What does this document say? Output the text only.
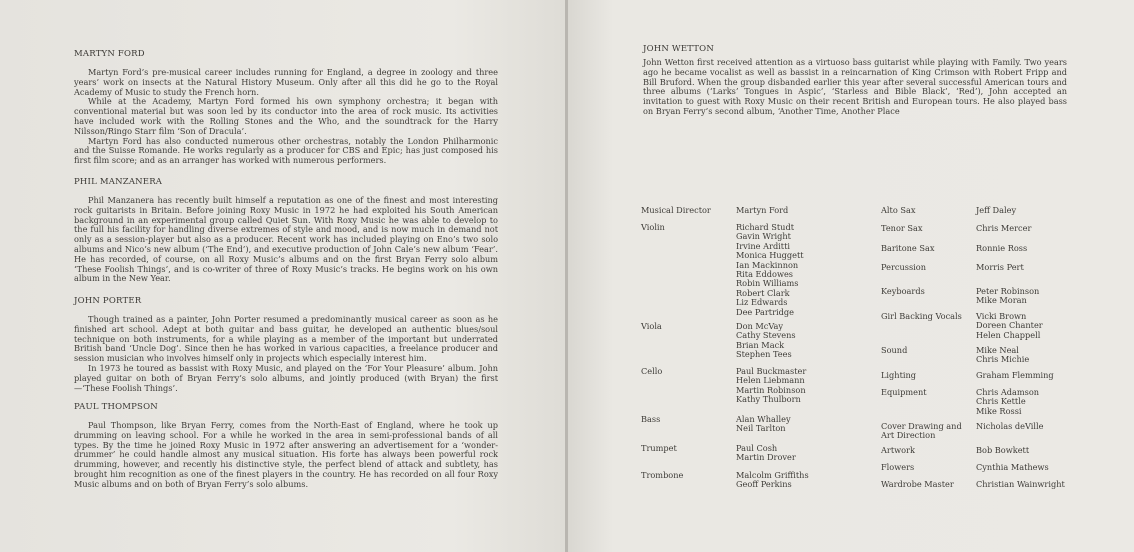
MARTYN FORD

Martyn Ford’s pre-musical career includes running for England, a degree in zoology and three years’ work on insects at the Natural History Museum. Only after all this did he go to the Royal Academy of Music to study the French horn.

While at the Academy, Martyn Ford formed his own symphony orchestra; it began with conventional material but was soon led by its conductor into the area of rock music. Its activities have included work with the Rolling Stones and the Who, and the soundtrack for the Harry Nilsson/Ringo Starr film ‘Son of Dracula’.

Martyn Ford has also conducted numerous other orchestras, notably the London Philharmonic and the Suisse Romande. He works regularly as a producer for CBS and Epic; has just composed his first film score; and as an arranger has worked with numerous performers.

PHIL MANZANERA

Phil Manzanera has recently built himself a reputation as one of the finest and most interesting rock guitarists in Britain. Before joining Roxy Music in 1972 he had exploited his South American background in an experimental group called Quiet Sun. With Roxy Music he was able to develop to the full his facility for handling diverse extremes of style and mood, and is now much in demand not only as a session-player but also as a producer. Recent work has included playing on Eno’s two solo albums and Nico’s new album (‘The End’), and executive production of John Cale’s new album ‘Fear’. He has recorded, of course, on all Roxy Music’s albums and on the first Bryan Ferry solo album ‘These Foolish Things’, and is co-writer of three of Roxy Music’s tracks. He begins work on his own album in the New Year.

JOHN PORTER

Though trained as a painter, John Porter resumed a predominantly musical career as soon as he finished art school. Adept at both guitar and bass guitar, he developed an authentic blues/soul technique on both instruments, for a while playing as a member of the important but underrated British band ‘Uncle Dog’. Since then he has worked in various capacities, a freelance producer and session musician who involves himself only in projects which especially interest him.

In 1973 he toured as bassist with Roxy Music, and played on the ‘For Your Pleasure’ album. John played guitar on both of Bryan Ferry’s solo albums, and jointly produced (with Bryan) the first—‘These Foolish Things’.

PAUL THOMPSON

Paul Thompson, like Bryan Ferry, comes from the North-East of England, where he took up drumming on leaving school. For a while he worked in the area in semi-professional bands of all types. By the time he joined Roxy Music in 1972 after answering an advertisement for a ‘wonder-drummer’ he could handle almost any musical situation. His forte has always been powerful rock drumming, however, and recently his distinctive style, the perfect blend of attack and subtlety, has brought him recognition as one of the finest players in the country. He has recorded on all four Roxy Music albums and on both of Bryan Ferry’s solo albums.

JOHN WETTON

John Wetton first received attention as a virtuoso bass guitarist while playing with Family. Two years ago he became vocalist as well as bassist in a reincarnation of King Crimson with Robert Fripp and Bill Bruford. When the group disbanded earlier this year after several successful American tours and three albums (‘Larks’ Tongues in Aspic’, ‘Starless and Bible Black’, ‘Red’), John accepted an invitation to guest with Roxy Music on their recent British and European tours. He also played bass on Bryan Ferry’s second album, ‘Another Time, Another Place

Musical Director	Martyn Ford
Violin	Richard Studt
Gavin Wright
Irvine Arditti
Monica Huggett
Ian Mackinnon
Rita Eddowes
Robin Williams
Robert Clark
Liz Edwards
Dee Partridge
Viola	Don McVay
Cathy Stevens
Brian Mack
Stephen Tees
Cello	Paul Buckmaster
Helen Liebmann
Martin Robinson
Kathy Thulborn
Bass	Alan Whalley
Neil Tarlton
Trumpet	Paul Cosh
Martin Drover
Trombone	Malcolm Griffiths
Geoff Perkins
Alto Sax	Jeff Daley
Tenor Sax	Chris Mercer
Baritone Sax	Ronnie Ross
Percussion	Morris Pert
Keyboards	Peter Robinson
Mike Moran
Girl Backing Vocals Vicki Brown
Doreen Chanter
Helen Chappell
Sound	Mike Neal
Chris Michie
Lighting	Graham Flemming
Equipment	Chris Adamson
Chris Kettle
Mike Rossi
Cover Drawing and
Art Direction
Nicholas deVille
Artwork	Bob Bowkett
Flowers	Cynthia Mathews
Wardrobe Master	Christian Wainwright
